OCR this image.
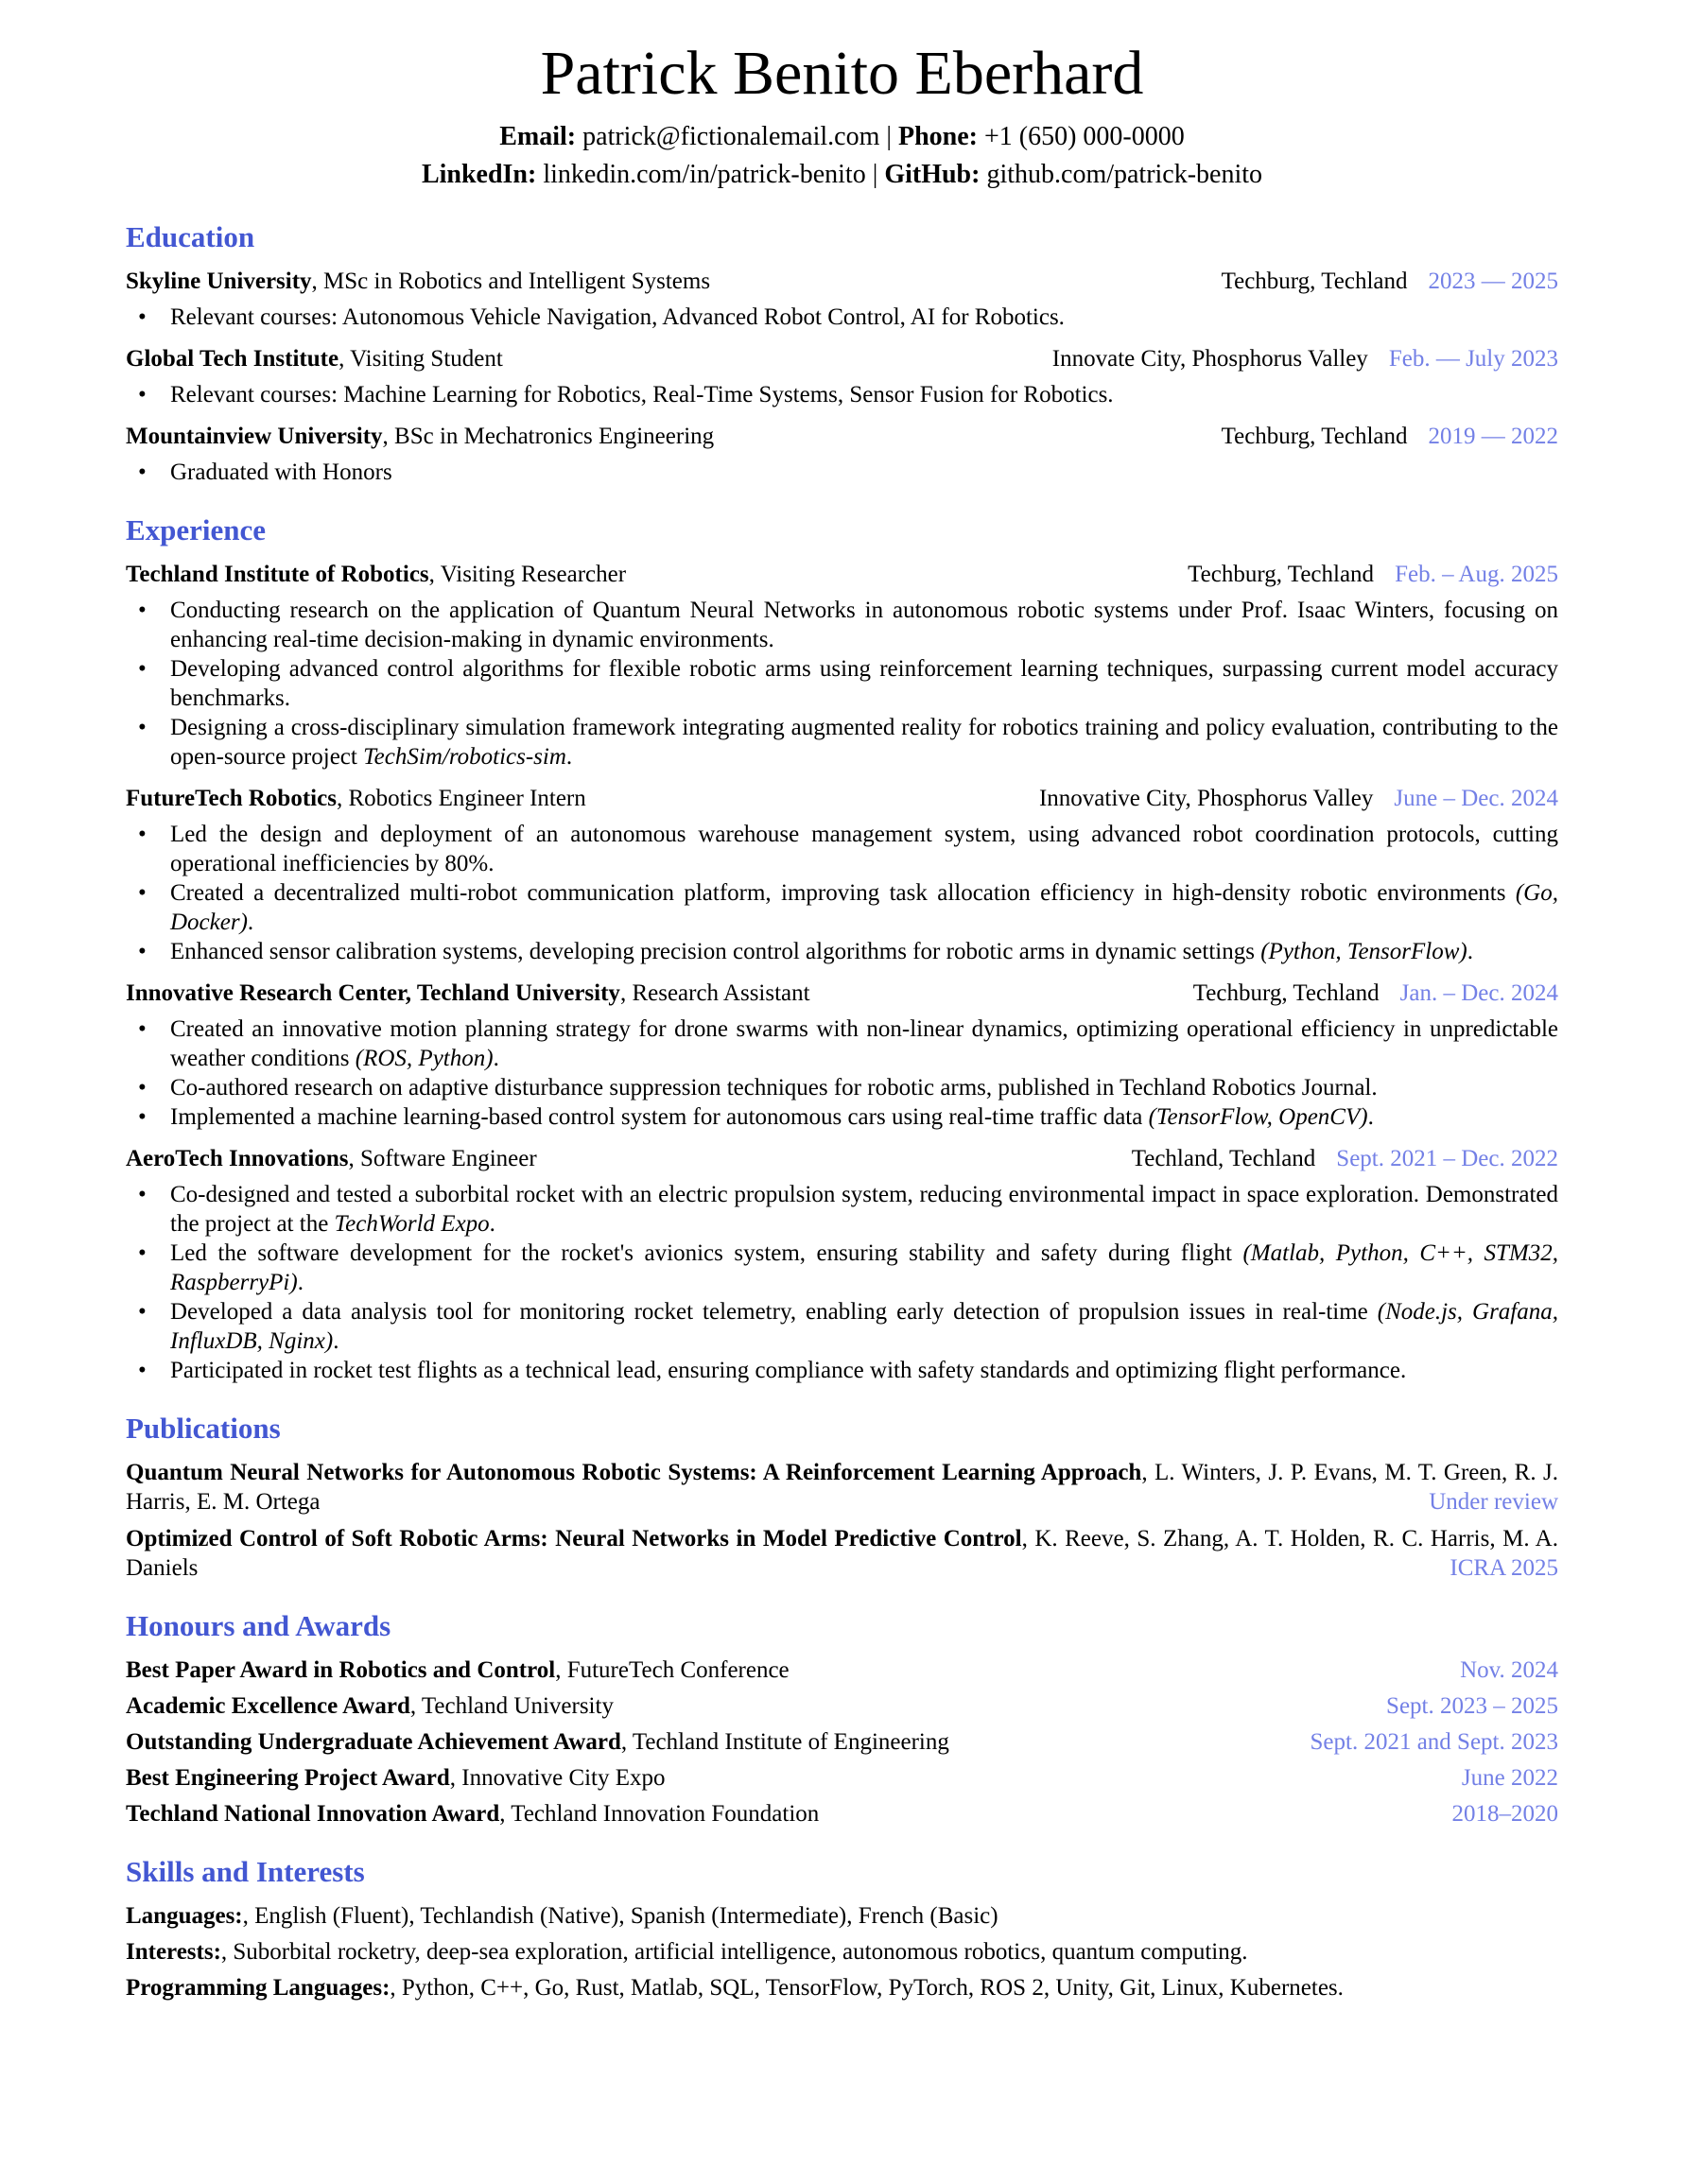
Patrick Benito Eberhard
Email: patrick@fictionalemail.com | Phone: +1 (650) 000-0000
LinkedIn: linkedin.com/in/patrick-benito | GitHub: github.com/patrick-benito
Education
Skyline University, MSc in Robotics and Intelligent Systems	Techburg, Techland 2023 — 2025
• Relevant courses: Autonomous Vehicle Navigation, Advanced Robot Control, AI for Robotics.
Global Tech Institute, Visiting Student	Innovate City, Phosphorus Valley Feb. — July 2023
• Relevant courses: Machine Learning for Robotics, Real-Time Systems, Sensor Fusion for Robotics.
Mountainview University, BSc in Mechatronics Engineering	Techburg, Techland 2019 — 2022
• Graduated with Honors
Experience
Techland Institute of Robotics, Visiting Researcher	Techburg, Techland Feb. – Aug. 2025
• Conducting research on the application of Quantum Neural Networks in autonomous robotic systems under Prof. Isaac Winters, focusing on enhancing real-time decision-making in dynamic environments.
• Developing advanced control algorithms for flexible robotic arms using reinforcement learning techniques, surpassing current model accuracy benchmarks.
• Designing a cross-disciplinary simulation framework integrating augmented reality for robotics training and policy evaluation, contributing to the open-source project TechSim/robotics-sim.
FutureTech Robotics, Robotics Engineer Intern	Innovative City, Phosphorus Valley June – Dec. 2024
• Led the design and deployment of an autonomous warehouse management system, using advanced robot coordination protocols, cutting operational inefficiencies by 80%.
• Created a decentralized multi-robot communication platform, improving task allocation efficiency in high-density robotic environments (Go, Docker).
• Enhanced sensor calibration systems, developing precision control algorithms for robotic arms in dynamic settings (Python, TensorFlow).
Innovative Research Center, Techland University, Research Assistant	Techburg, Techland Jan. – Dec. 2024
• Created an innovative motion planning strategy for drone swarms with non-linear dynamics, optimizing operational efficiency in unpredictable weather conditions (ROS, Python).
• Co-authored research on adaptive disturbance suppression techniques for robotic arms, published in Techland Robotics Journal.
• Implemented a machine learning-based control system for autonomous cars using real-time traffic data (TensorFlow, OpenCV).
AeroTech Innovations, Software Engineer	Techland, Techland Sept. 2021 – Dec. 2022
• Co-designed and tested a suborbital rocket with an electric propulsion system, reducing environmental impact in space exploration. Demonstrated the project at the TechWorld Expo.
• Led the software development for the rocket's avionics system, ensuring stability and safety during flight (Matlab, Python, C++, STM32, RaspberryPi).
• Developed a data analysis tool for monitoring rocket telemetry, enabling early detection of propulsion issues in real-time (Node.js, Grafana, InfluxDB, Nginx).
• Participated in rocket test flights as a technical lead, ensuring compliance with safety standards and optimizing flight performance.
Publications
Quantum Neural Networks for Autonomous Robotic Systems: A Reinforcement Learning Approach, L. Winters, J. P. Evans, M. T. Green, R. J. Harris, E. M. Ortega	Under review
Optimized Control of Soft Robotic Arms: Neural Networks in Model Predictive Control, K. Reeve, S. Zhang, A. T. Holden, R. C. Harris, M. A. Daniels	ICRA 2025
Honours and Awards
Best Paper Award in Robotics and Control, FutureTech Conference	Nov. 2024
Academic Excellence Award, Techland University	Sept. 2023 – 2025
Outstanding Undergraduate Achievement Award, Techland Institute of Engineering	Sept. 2021 and Sept. 2023
Best Engineering Project Award, Innovative City Expo	June 2022
Techland National Innovation Award, Techland Innovation Foundation	2018–2020
Skills and Interests
Languages:, English (Fluent), Techlandish (Native), Spanish (Intermediate), French (Basic)
Interests:, Suborbital rocketry, deep-sea exploration, artificial intelligence, autonomous robotics, quantum computing.
Programming Languages:, Python, C++, Go, Rust, Matlab, SQL, TensorFlow, PyTorch, ROS 2, Unity, Git, Linux, Kubernetes.
